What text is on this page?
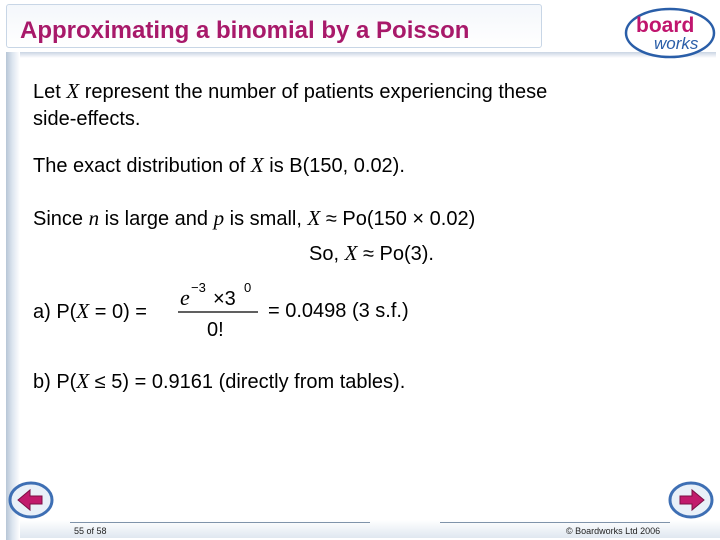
Approximating a binomial by a Poisson	board
works
Let X represent the number of patients experiencing these
side-effects.
The exact distribution of X is B(150, 0.02).
Since n is large and p is small, X ≈ Po(150 × 0.02)
So, X ≈ Po(3).
a) P(X = 0) =
e −3
×3
0
0!
= 0.0498 (3 s.f.)
b) P(X ≤ 5) = 0.9161 (directly from tables).
55 of 58	© Boardworks Ltd 2006
